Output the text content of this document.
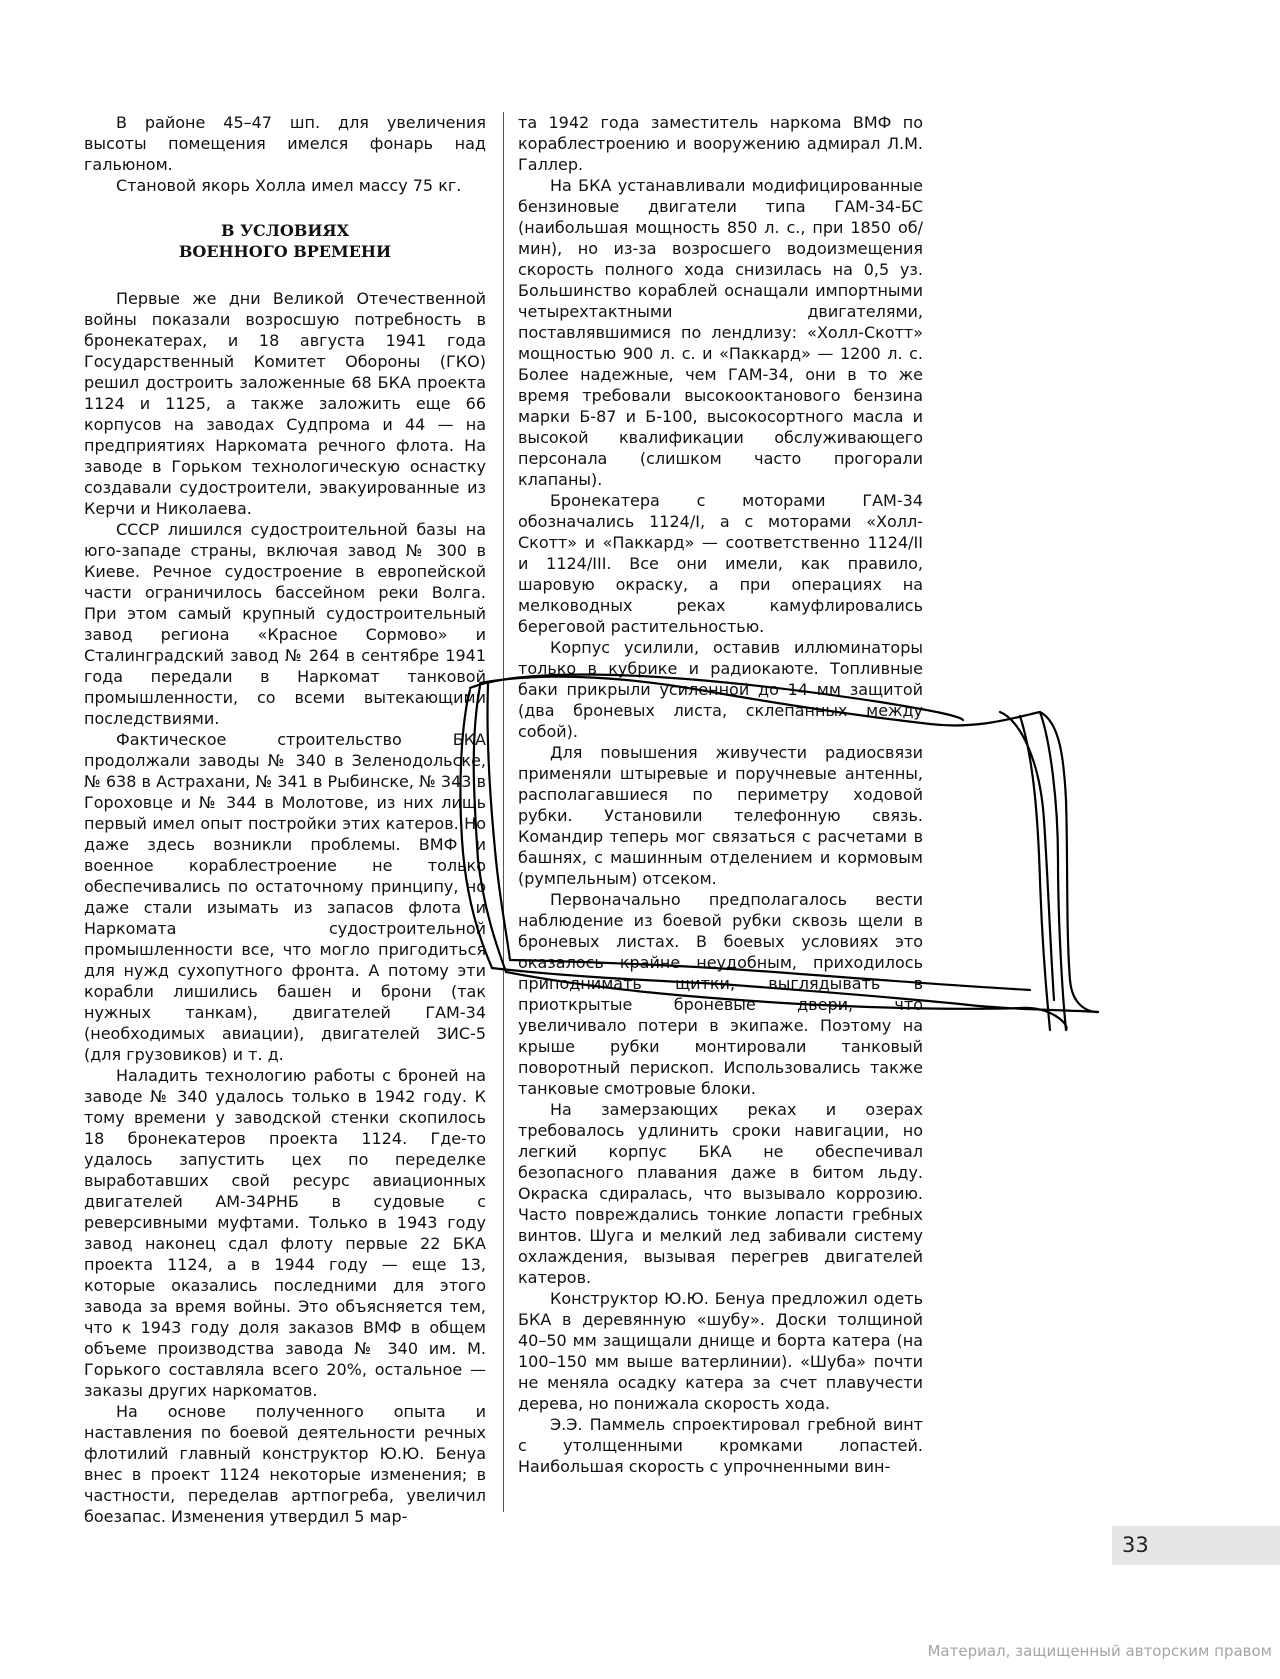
В районе 45–47 шп. для увеличения высоты помещения имелся фонарь над гальюном.

Становой якорь Холла имел массу 75 кг.

В УСЛОВИЯХ
ВОЕННОГО ВРЕМЕНИ

Первые же дни Великой Отечественной войны показали возросшую потребность в бронекатерах, и 18 августа 1941 года Государственный Комитет Обороны (ГКО) решил достроить заложенные 68 БКА проекта 1124 и 1125, а также заложить еще 66 корпусов на заводах Судпрома и 44 — на предприятиях Наркомата речного флота. На заводе в Горьком технологическую оснастку создавали судостроители, эвакуированные из Керчи и Николаева.

СССР лишился судостроительной базы на юго-западе страны, включая завод № 300 в Киеве. Речное судостроение в европейской части ограничилось бассейном реки Волга. При этом самый крупный судостроительный завод региона «Красное Сормово» и Сталинградский завод № 264 в сентябре 1941 года передали в Наркомат танковой промышленности, со всеми вытекающими последствиями.

Фактическое строительство БКА продолжали заводы № 340 в Зеленодольске, № 638 в Астрахани, № 341 в Рыбинске, № 343 в Гороховце и № 344 в Молотове, из них лишь первый имел опыт постройки этих катеров. Но даже здесь возникли проблемы. ВМФ и военное кораблестроение не только обеспечивались по остаточному принципу, но даже стали изымать из запасов флота и Наркомата судостроительной промышленности все, что могло пригодиться для нужд сухопутного фронта. А потому эти корабли лишились башен и брони (так нужных танкам), двигателей ГАМ-34 (необходимых авиации), двигателей ЗИС-5 (для грузовиков) и т. д.

Наладить технологию работы с броней на заводе № 340 удалось только в 1942 году. К тому времени у заводской стенки скопилось 18 бронекатеров проекта 1124. Где-то удалось запустить цех по переделке выработавших свой ресурс авиационных двигателей АМ-34РНБ в судовые с реверсивными муфтами. Только в 1943 году завод наконец сдал флоту первые 22 БКА проекта 1124, а в 1944 году — еще 13, которые оказались последними для этого завода за время войны. Это объясняется тем, что к 1943 году доля заказов ВМФ в общем объеме производства завода № 340 им. М. Горького составляла всего 20%, остальное — заказы других наркоматов.

На основе полученного опыта и наставления по боевой деятельности речных флотилий главный конструктор Ю.Ю. Бенуа внес в проект 1124 некоторые изменения; в частности, переделав артпогреба, увеличил боезапас. Изменения утвердил 5 мар-

та 1942 года заместитель наркома ВМФ по кораблестроению и вооружению адмирал Л.М. Галлер.

На БКА устанавливали модифицированные бензиновые двигатели типа ГАМ-34-БС (наибольшая мощность 850 л. с., при 1850 об/мин), но из-за возросшего водоизмещения скорость полного хода снизилась на 0,5 уз. Большинство кораблей оснащали импортными четырехтактными двигателями, поставлявшимися по лендлизу: «Холл-Скотт» мощностью 900 л. с. и «Паккард» — 1200 л. с. Более надежные, чем ГАМ-34, они в то же время требовали высокооктанового бензина марки Б-87 и Б-100, высокосортного масла и высокой квалификации обслуживающего персонала (слишком часто прогорали клапаны).

Бронекатера с моторами ГАМ-34 обозначались 1124/I, а с моторами «Холл-Скотт» и «Паккард» — соответственно 1124/II и 1124/III. Все они имели, как правило, шаровую окраску, а при операциях на мелководных реках камуфлировались береговой растительностью.

Корпус усилили, оставив иллюминаторы только в кубрике и радиокаюте. Топливные баки прикрыли усиленной до 14 мм защитой (два броневых листа, склепанных между собой).

Для повышения живучести радиосвязи применяли штыревые и поручневые антенны, располагавшиеся по периметру ходовой рубки. Установили телефонную связь. Командир теперь мог связаться с расчетами в башнях, с машинным отделением и кормовым (румпельным) отсеком.

Первоначально предполагалось вести наблюдение из боевой рубки сквозь щели в броневых листах. В боевых условиях это оказалось крайне неудобным, приходилось приподнимать щитки, выглядывать в приоткрытые броневые двери, что увеличивало потери в экипаже. Поэтому на крыше рубки монтировали танковый поворотный перископ. Использовались также танковые смотровые блоки.

На замерзающих реках и озерах требовалось удлинить сроки навигации, но легкий корпус БКА не обеспечивал безопасного плавания даже в битом льду. Окраска сдиралась, что вызывало коррозию. Часто повреждались тонкие лопасти гребных винтов. Шуга и мелкий лед забивали систему охлаждения, вызывая перегрев двигателей катеров.

Конструктор Ю.Ю. Бенуа предложил одеть БКА в деревянную «шубу». Доски толщиной 40–50 мм защищали днище и борта катера (на 100–150 мм выше ватерлинии). «Шуба» почти не меняла осадку катера за счет плавучести дерева, но понижала скорость хода.

Э.Э. Паммель спроектировал гребной винт с утолщенными кромками лопастей. Наибольшая скорость с упрочненными вин-

33
Материал, защищенный авторским правом
